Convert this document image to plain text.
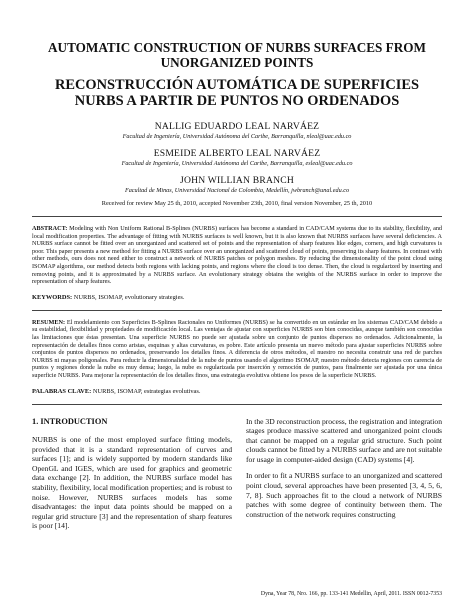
AUTOMATIC CONSTRUCTION OF NURBS SURFACES FROM UNORGANIZED POINTS
RECONSTRUCCIÓN AUTOMÁTICA DE SUPERFICIES NURBS A PARTIR DE PUNTOS NO ORDENADOS
NALLIG EDUARDO LEAL NARVÁEZ
Facultad de Ingeniería, Universidad Autónoma del Caribe, Barranquilla, nleal@uac.edu.co
ESMEIDE ALBERTO LEAL NARVÁEZ
Facultad de Ingeniería, Universidad Autónoma del Caribe, Barranquilla, esleal@uac.edu.co
JOHN WILLIAN BRANCH
Facultad de Minas, Universidad Nacional de Colombia, Medellín, jwbranch@unal.edu.co
Received for review May 25 th, 2010, accepted November 23th, 2010, final version November, 25 th, 2010

ABSTRACT: Modeling with Non Uniform Rational B-Splines (NURBS) surfaces has become a standard in CAD/CAM systems due to its stability, flexibility, and local modification properties. The advantage of fitting with NURBS surfaces is well known, but it is also known that NURBS surfaces have several deficiencies. A NURBS surface cannot be fitted over an unorganized and scattered set of points and the representation of sharp features like edges, corners, and high curvatures is poor. This paper presents a new method for fitting a NURBS surface over an unorganized and scattered cloud of points, preserving its sharp features. In contrast with other methods, ours does not need either to construct a network of NURBS patches or polygon meshes. By reducing the dimensionality of the point cloud using ISOMAP algorithms, our method detects both regions with lacking points, and regions where the cloud is too dense. Then, the cloud is regularized by inserting and removing points, and it is approximated by a NURBS surface. An evolutionary strategy obtains the weights of the NURBS surface in order to improve the representation of sharp features.

KEYWORDS: NURBS, ISOMAP, evolutionary strategies.

RESUMEN: El modelamiento con Superficies B-Splines Racionales no Uniformes (NURBS) se ha convertido en un estándar en los sistemas CAD/CAM debido a su estabilidad, flexibilidad y propiedades de modificación local. Las ventajas de ajustar con superficies NURBS son bien conocidas, aunque también son conocidas las limitaciones que éstas presentan. Una superficie NURBS no puede ser ajustada sobre un conjunto de puntos dispersos no ordenados. Adicionalmente, la representación de detalles finos como aristas, esquinas y altas curvaturas, es pobre. Este artículo presenta un nuevo método para ajustar superficies NURBS sobre conjuntos de puntos dispersos no ordenados, preservando los detalles finos. A diferencia de otros métodos, el nuestro no necesita construir una red de parches NURBS ni mayas poligonales. Para reducir la dimensionalidad de la nube de puntos usando el algoritmo ISOMAP, nuestro método detecta regiones con carencia de puntos y regiones donde la nube es muy densa; luego, la nube es regularizada por inserción y remoción de puntos, para finalmente ser ajustada por una única superficie NURBS. Para mejorar la representación de los detalles finos, una estrategia evolutiva obtiene los pesos de la superficie NURBS.

PALABRAS CLAVE: NURBS, ISOMAP, estrategias evolutivas.

1. INTRODUCTION

NURBS is one of the most employed surface fitting models, provided that it is a standard representation of curves and surfaces [1]; and is widely supported by modern standards like OpenGL and IGES, which are used for graphics and geometric data exchange [2]. In addition, the NURBS surface model has stability, flexibility, local modification properties; and is robust to noise. However, NURBS surfaces models has some disadvantages: the input data points should be mapped on a regular grid structure [3] and the representation of sharp features is poor [14].

In the 3D reconstruction process, the registration and integration stages produce massive scattered and unorganized point clouds that cannot be mapped on a regular grid structure. Such point clouds cannot be fitted by a NURBS surface and are not suitable for usage in computer-aided design (CAD) systems [4].

In order to fit a NURBS surface to an unorganized and scattered point cloud, several approaches have been presented [3, 4, 5, 6, 7, 8]. Such approaches fit to the cloud a network of NURBS patches with some degree of continuity between them. The construction of the network requires constructing

Dyna, Year 78, Nro. 166, pp. 133-141 Medellin, April, 2011. ISSN 0012-7353
